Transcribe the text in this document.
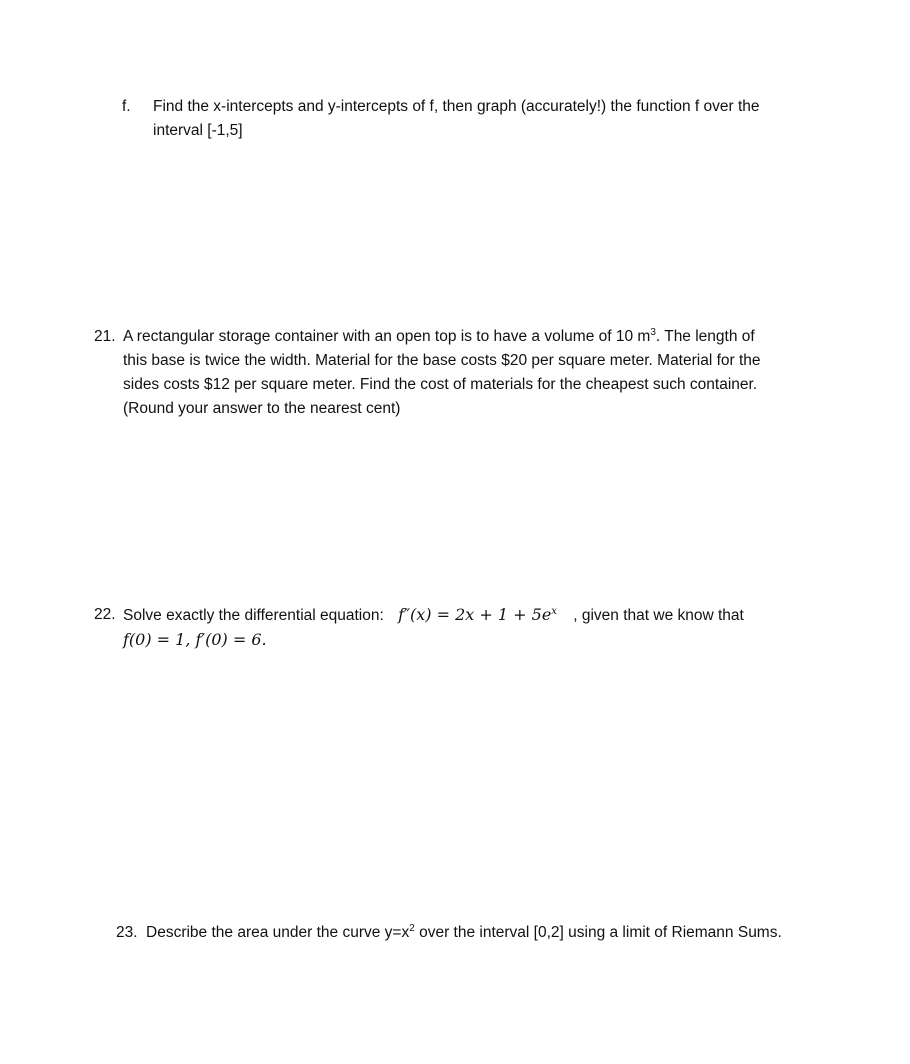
f. Find the x-intercepts and y-intercepts of f, then graph (accurately!) the function f over the
interval [-1,5]
21. A rectangular storage container with an open top is to have a volume of 10 $m^3$. The length of
this base is twice the width. Material for the base costs $20 per square meter. Material for the
sides costs $12 per square meter. Find the cost of materials for the cheapest such container.
(Round your answer to the nearest cent)
22. Solve exactly the differential equation: $f''(x) = 2x + 1 + 5e^x$ , given that we know that
f(0) = 1, f′(0) = 6.
23. Describe the area under the curve $y=x^2$ over the interval [0,2] using a limit of Riemann Sums.
